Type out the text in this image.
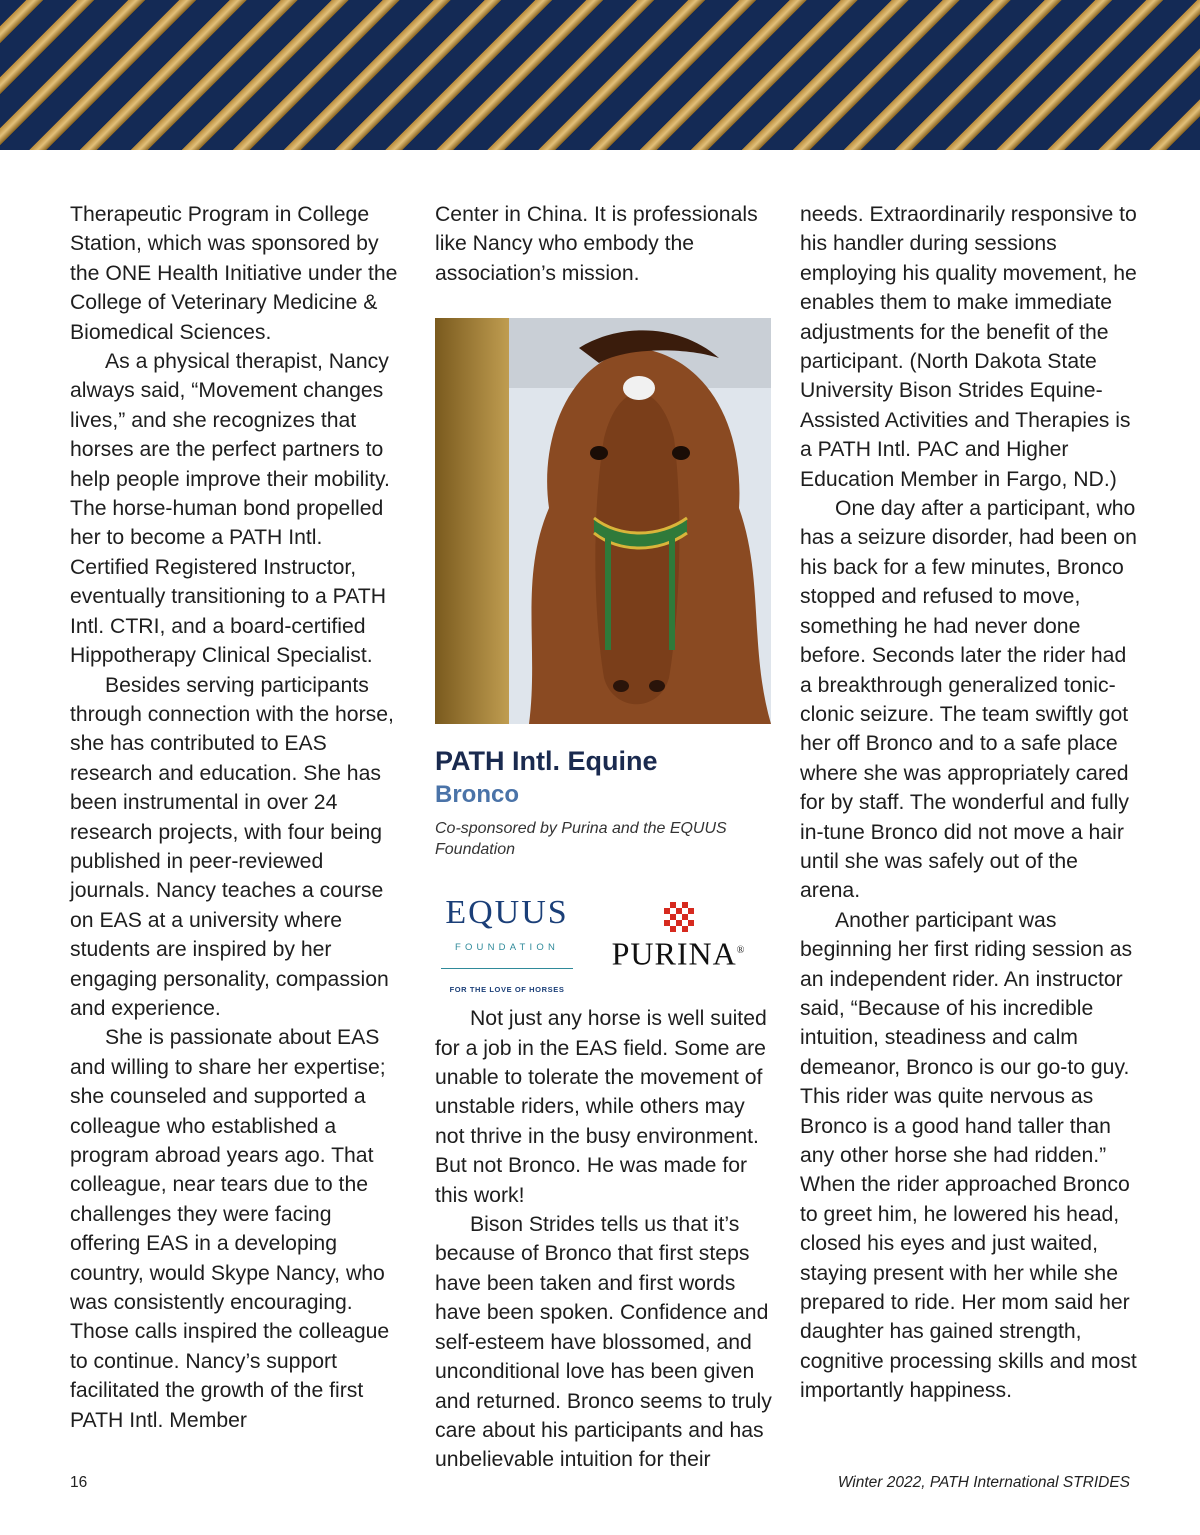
Therapeutic Program in College Station, which was sponsored by the ONE Health Initiative under the College of Veterinary Medicine & Biomedical Sciences.

As a physical therapist, Nancy always said, “Movement changes lives,” and she recognizes that horses are the perfect partners to help people improve their mobility. The horse-human bond propelled her to become a PATH Intl. Certified Registered Instructor, eventually transitioning to a PATH Intl. CTRI, and a board-certified Hippotherapy Clinical Specialist.

Besides serving participants through connection with the horse, she has contributed to EAS research and education. She has been instrumental in over 24 research projects, with four being published in peer-reviewed journals. Nancy teaches a course on EAS at a university where students are inspired by her engaging personality, compassion and experience.

She is passionate about EAS and willing to share her expertise; she counseled and supported a colleague who established a program abroad years ago. That colleague, near tears due to the challenges they were facing offering EAS in a developing country, would Skype Nancy, who was consistently encouraging. Those calls inspired the colleague to continue. Nancy’s support facilitated the growth of the first PATH Intl. Member

Center in China. It is professionals like Nancy who embody the association’s mission.

PATH Intl. Equine
Bronco
Co-sponsored by Purina and the EQUUS Foundation
EQUUS
FOUNDATION
FOR THE LOVE OF HORSES
PURINA®

Not just any horse is well suited for a job in the EAS field. Some are unable to tolerate the movement of unstable riders, while others may not thrive in the busy environment. But not Bronco. He was made for this work!

Bison Strides tells us that it’s because of Bronco that first steps have been taken and first words have been spoken. Confidence and self-esteem have blossomed, and unconditional love has been given and returned. Bronco seems to truly care about his participants and has unbelievable intuition for their

needs. Extraordinarily responsive to his handler during sessions employing his quality movement, he enables them to make immediate adjustments for the benefit of the participant. (North Dakota State University Bison Strides Equine-Assisted Activities and Therapies is a PATH Intl. PAC and Higher Education Member in Fargo, ND.)

One day after a participant, who has a seizure disorder, had been on his back for a few minutes, Bronco stopped and refused to move, something he had never done before. Seconds later the rider had a breakthrough generalized tonic-clonic seizure. The team swiftly got her off Bronco and to a safe place where she was appropriately cared for by staff. The wonderful and fully in-tune Bronco did not move a hair until she was safely out of the arena.

Another participant was beginning her first riding session as an independent rider. An instructor said, “Because of his incredible intuition, steadiness and calm demeanor, Bronco is our go-to guy. This rider was quite nervous as Bronco is a good hand taller than any other horse she had ridden.” When the rider approached Bronco to greet him, he lowered his head, closed his eyes and just waited, staying present with her while she prepared to ride. Her mom said her daughter has gained strength, cognitive processing skills and most importantly happiness.

16	Winter 2022, PATH International STRIDES
